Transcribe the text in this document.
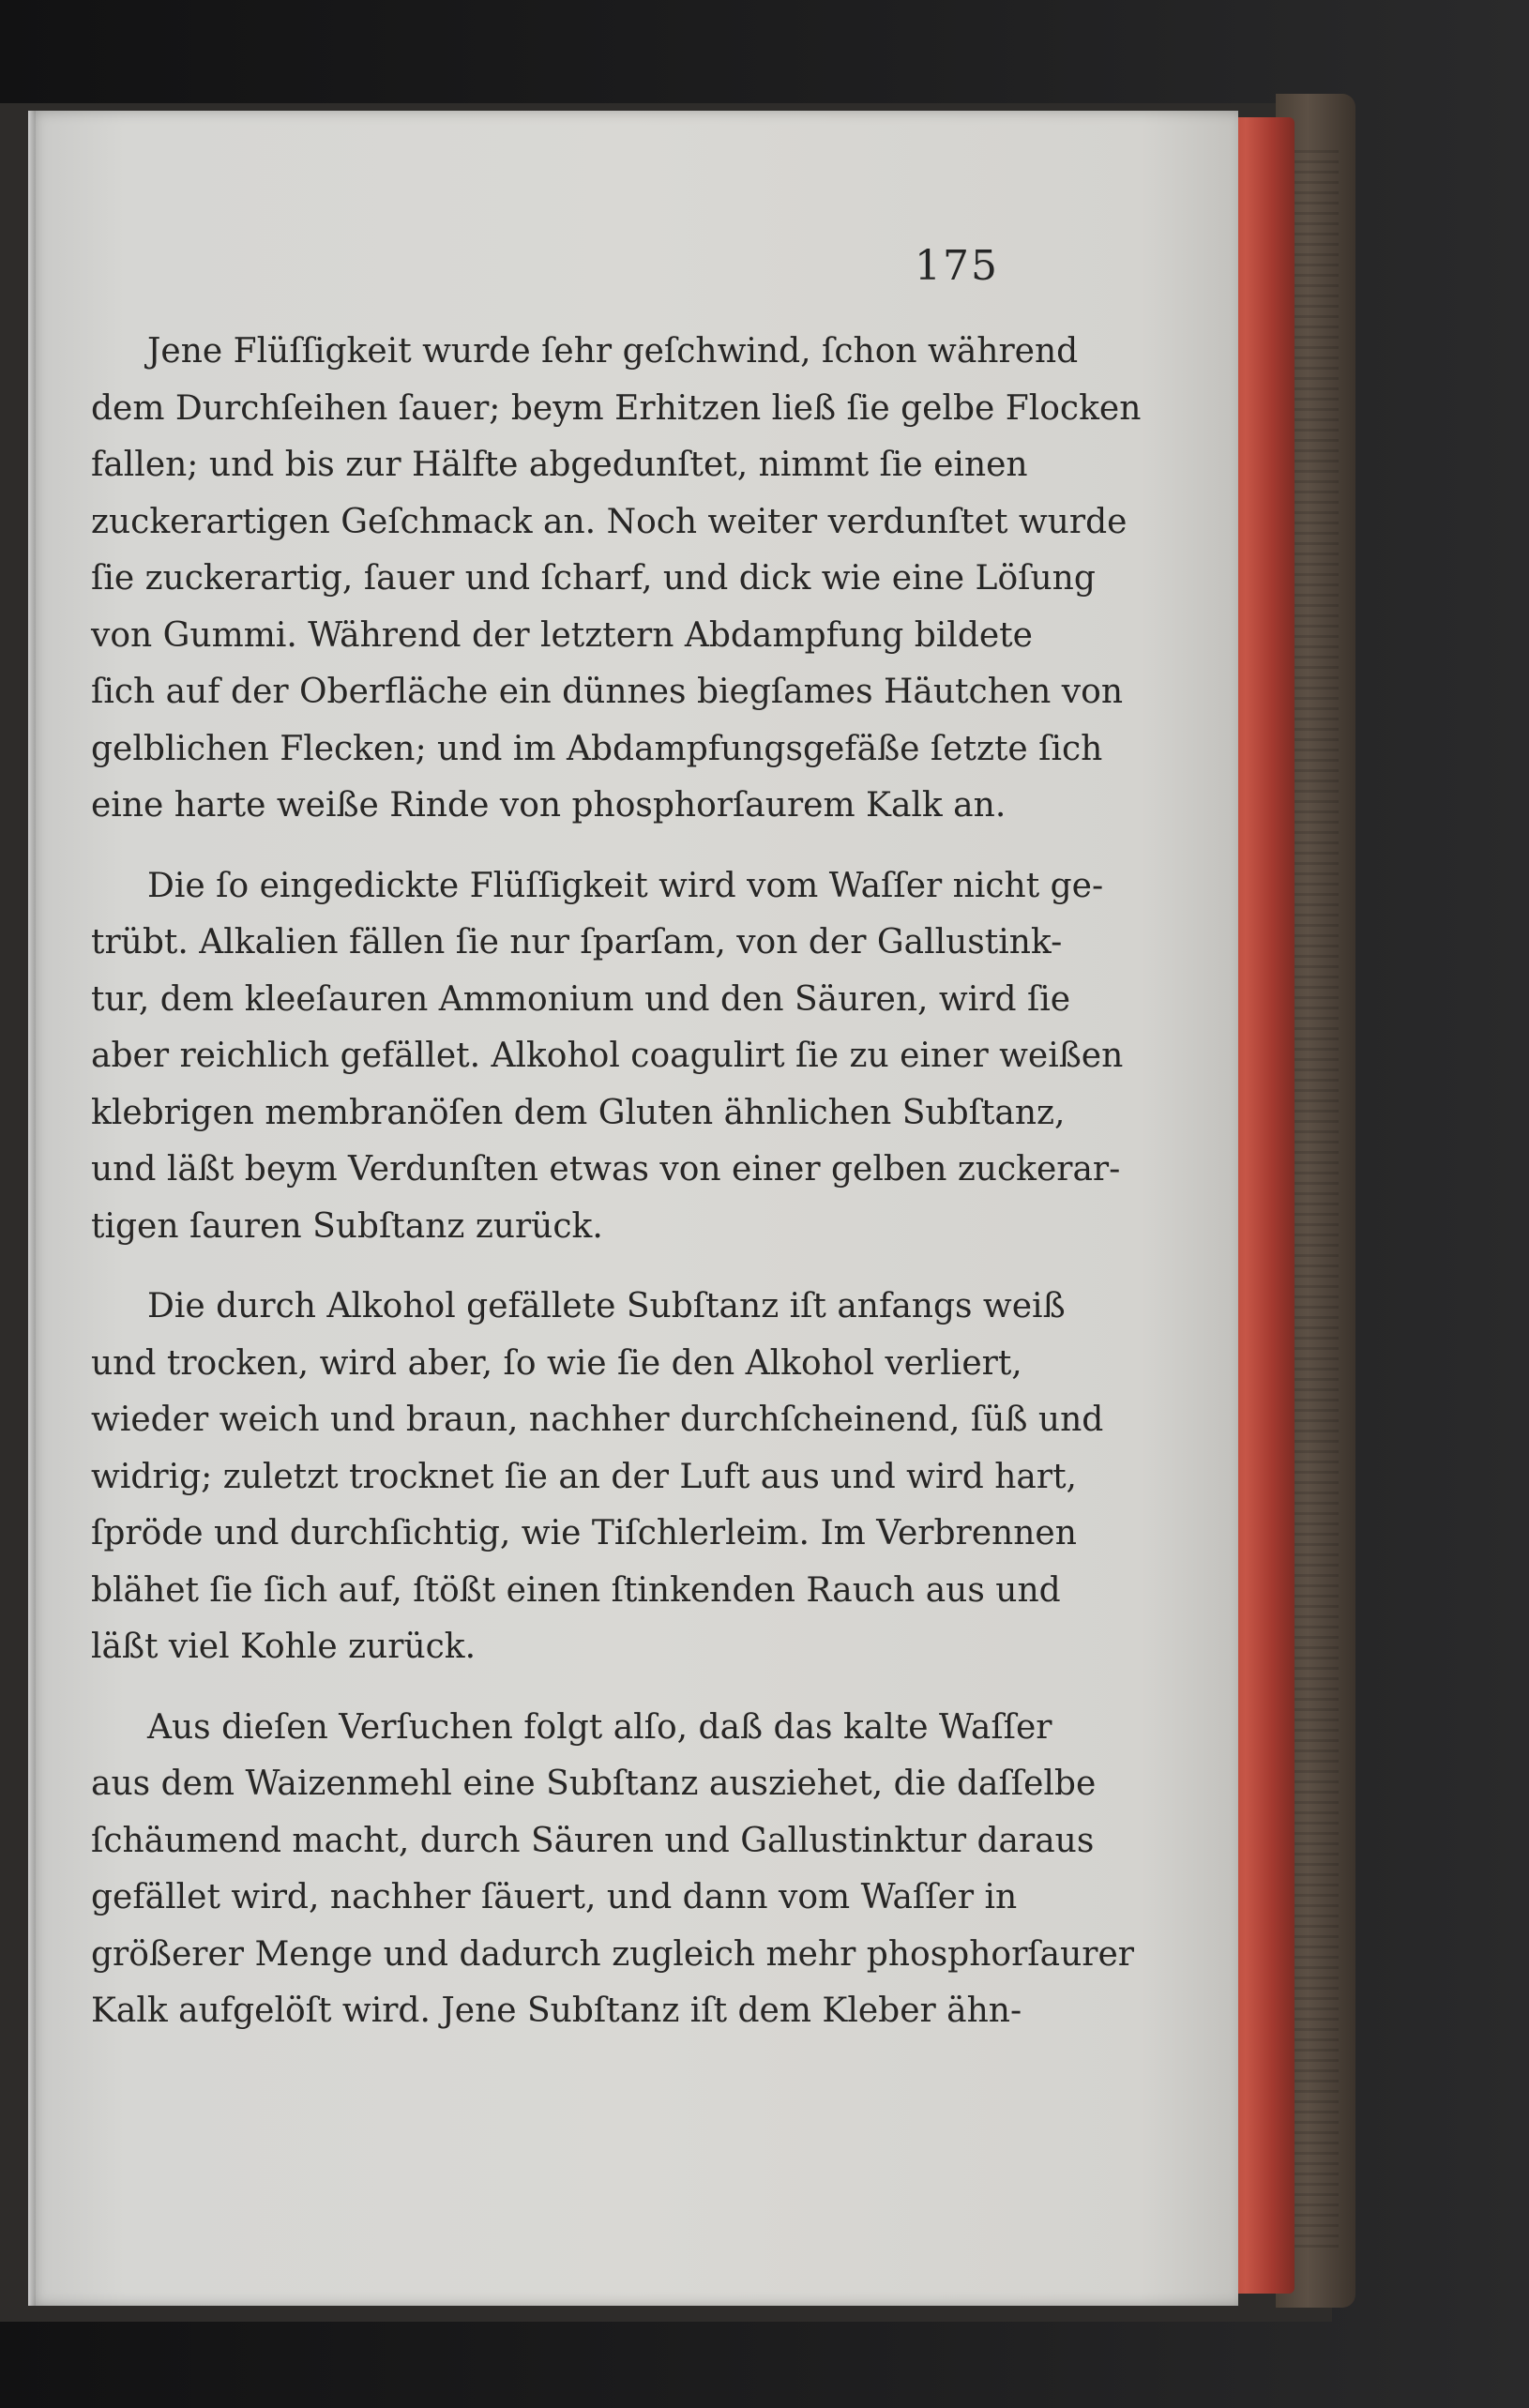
175
Jene Flüſſigkeit wurde ſehr geſchwind, ſchon während
dem Durchſeihen ſauer; beym Erhitzen ließ ſie gelbe Flocken
fallen; und bis zur Hälfte abgedunſtet, nimmt ſie einen
zuckerartigen Geſchmack an. Noch weiter verdunſtet wurde
ſie zuckerartig, ſauer und ſcharf, und dick wie eine Löſung
von Gummi. Während der letztern Abdampfung bildete
ſich auf der Oberfläche ein dünnes biegſames Häutchen von
gelblichen Flecken; und im Abdampfungsgefäße ſetzte ſich
eine harte weiße Rinde von phosphorſaurem Kalk an.
Die ſo eingedickte Flüſſigkeit wird vom Waſſer nicht ge-
trübt. Alkalien fällen ſie nur ſparſam, von der Gallustink-
tur, dem kleeſauren Ammonium und den Säuren, wird ſie
aber reichlich gefället. Alkohol coagulirt ſie zu einer weißen
klebrigen membranöſen dem Gluten ähnlichen Subſtanz,
und läßt beym Verdunſten etwas von einer gelben zuckerar-
tigen ſauren Subſtanz zurück.
Die durch Alkohol gefällete Subſtanz iſt anfangs weiß
und trocken, wird aber, ſo wie ſie den Alkohol verliert,
wieder weich und braun, nachher durchſcheinend, ſüß und
widrig; zuletzt trocknet ſie an der Luft aus und wird hart,
ſpröde und durchſichtig, wie Tiſchlerleim. Im Verbrennen
blähet ſie ſich auf, ſtößt einen ſtinkenden Rauch aus und
läßt viel Kohle zurück.
Aus dieſen Verſuchen folgt alſo, daß das kalte Waſſer
aus dem Waizenmehl eine Subſtanz ausziehet, die daſſelbe
ſchäumend macht, durch Säuren und Gallustinktur daraus
gefället wird, nachher ſäuert, und dann vom Waſſer in
größerer Menge und dadurch zugleich mehr phosphorſaurer
Kalk aufgelöſt wird. Jene Subſtanz iſt dem Kleber ähn-
